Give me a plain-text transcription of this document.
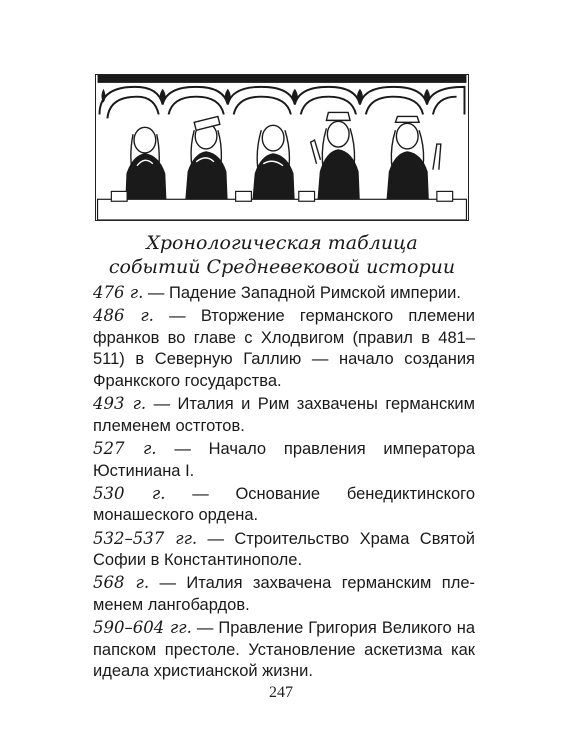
Хронологическая таблица
событий Средневековой истории

476 г. — Падение Западной Римской империи.

486 г. — Вторжение германского племени франков во главе с Хлодвигом (правил в 481–511) в Северную Галлию — начало создания Франкского государства.

493 г. — Италия и Рим захвачены германским племенем остготов.

527 г. — Начало правления императора Юстиниана I.

530 г. — Основание бенедиктинского монашеского ордена.

532–537 гг. — Строительство Храма Святой Софии в Константинополе.

568 г. — Италия захвачена германским племенем лангобардов.

590–604 гг. — Правление Григория Великого на папском престоле. Установление аскетизма как идеала христианской жизни.

247
